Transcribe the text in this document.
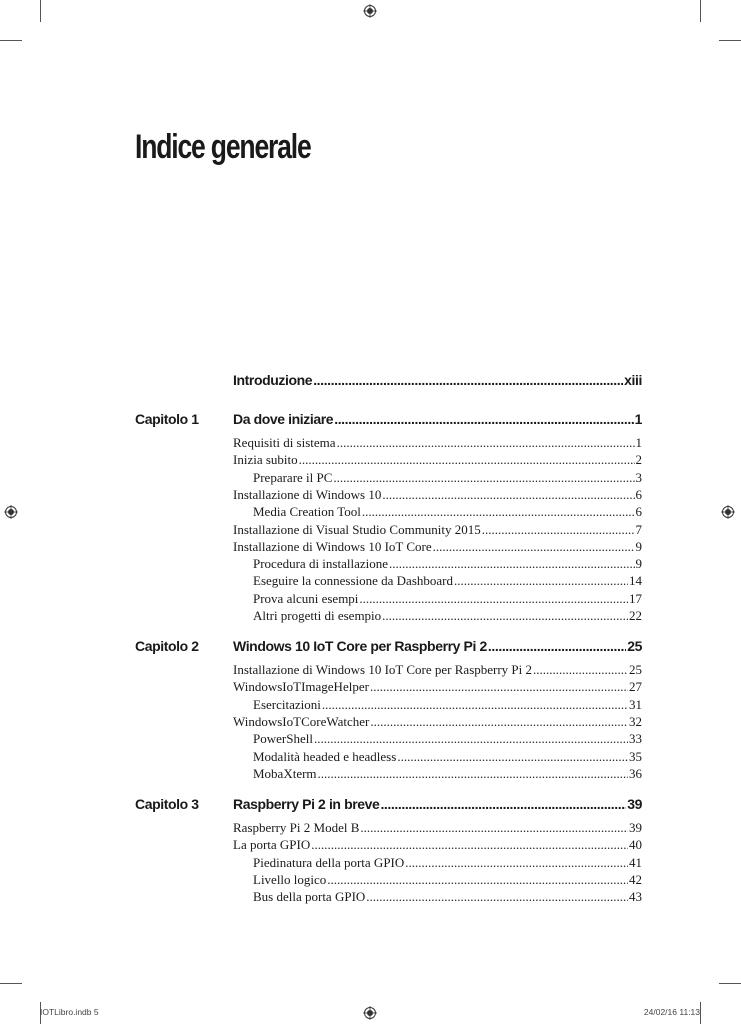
Indice generale
Introduzione .....	xiii
Capitolo 1 Da dove iniziare .....	1
Requisiti di sistema .....	1
Inizia subito .....	2
Preparare il PC .....	3
Installazione di Windows 10 .....	6
Media Creation Tool .....	6
Installazione di Visual Studio Community 2015 .....	7
Installazione di Windows 10 IoT Core .....	9
Procedura di installazione .....	9
Eseguire la connessione da Dashboard .....	14
Prova alcuni esempi .....	17
Altri progetti di esempio .....	22
Capitolo 2 Windows 10 IoT Core per Raspberry Pi 2 .....	25
Installazione di Windows 10 IoT Core per Raspberry Pi 2 .....	25
WindowsIoTImageHelper .....	27
Esercitazioni .....	31
WindowsIoTCoreWatcher .....	32
PowerShell .....	33
Modalità headed e headless .....	35
MobaXterm .....	36
Capitolo 3 Raspberry Pi 2 in breve .....	39
Raspberry Pi 2 Model B .....	39
La porta GPIO .....	40
Piedinatura della porta GPIO .....	41
Livello logico .....	42
Bus della porta GPIO .....	43
IOTLibro.indb 5	24/02/16 11:13
